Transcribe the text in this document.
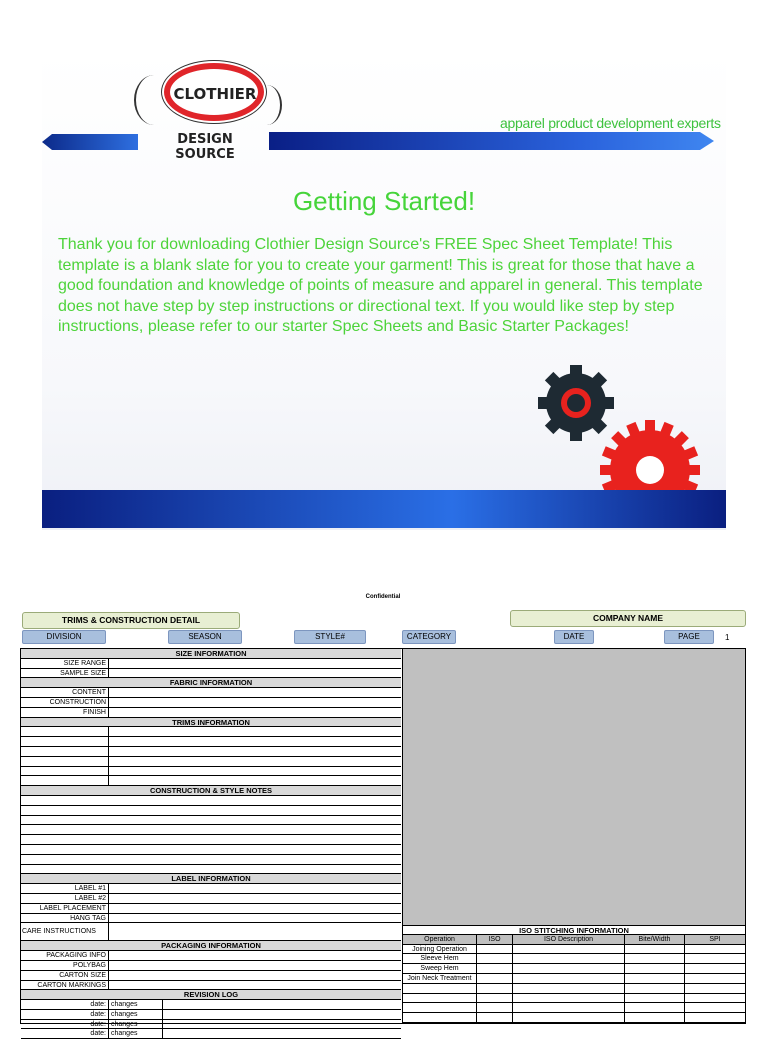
CLOTHIER
DESIGN SOURCE
apparel product development experts
Getting Started!
Thank you for downloading Clothier Design Source's FREE Spec Sheet Template! This template is a blank slate for you to create your garment! This is great for those that have a good foundation and knowledge of points of measure and apparel in general. This template does not have step by step instructions or directional text. If you would like step by step instructions, please refer to our starter Spec Sheets and Basic Starter Packages!
Confidential
TRIMS & CONSTRUCTION DETAIL	COMPANY NAME
DIVISION	SEASON	STYLE#	CATEGORY	DATE	PAGE	1
SIZE INFORMATION
SIZE RANGE
SAMPLE SIZE
FABRIC INFORMATION
CONTENT
CONSTRUCTION
FINISH
TRIMS INFORMATION
CONSTRUCTION & STYLE NOTES
LABEL INFORMATION
LABEL #1
LABEL #2
LABEL PLACEMENT
HANG TAG
CARE INSTRUCTIONS
PACKAGING INFORMATION
PACKAGING INFO
POLYBAG
CARTON SIZE
CARTON MARKINGS
REVISION LOG
date: changes
date: changes
date: changes
date: changes
ISO STITCHING INFORMATION
Operation	ISO	ISO Description	Bite/Width	SPI
Joining Operation
Sleeve Hem
Sweep Hem
Join Neck Treatment
